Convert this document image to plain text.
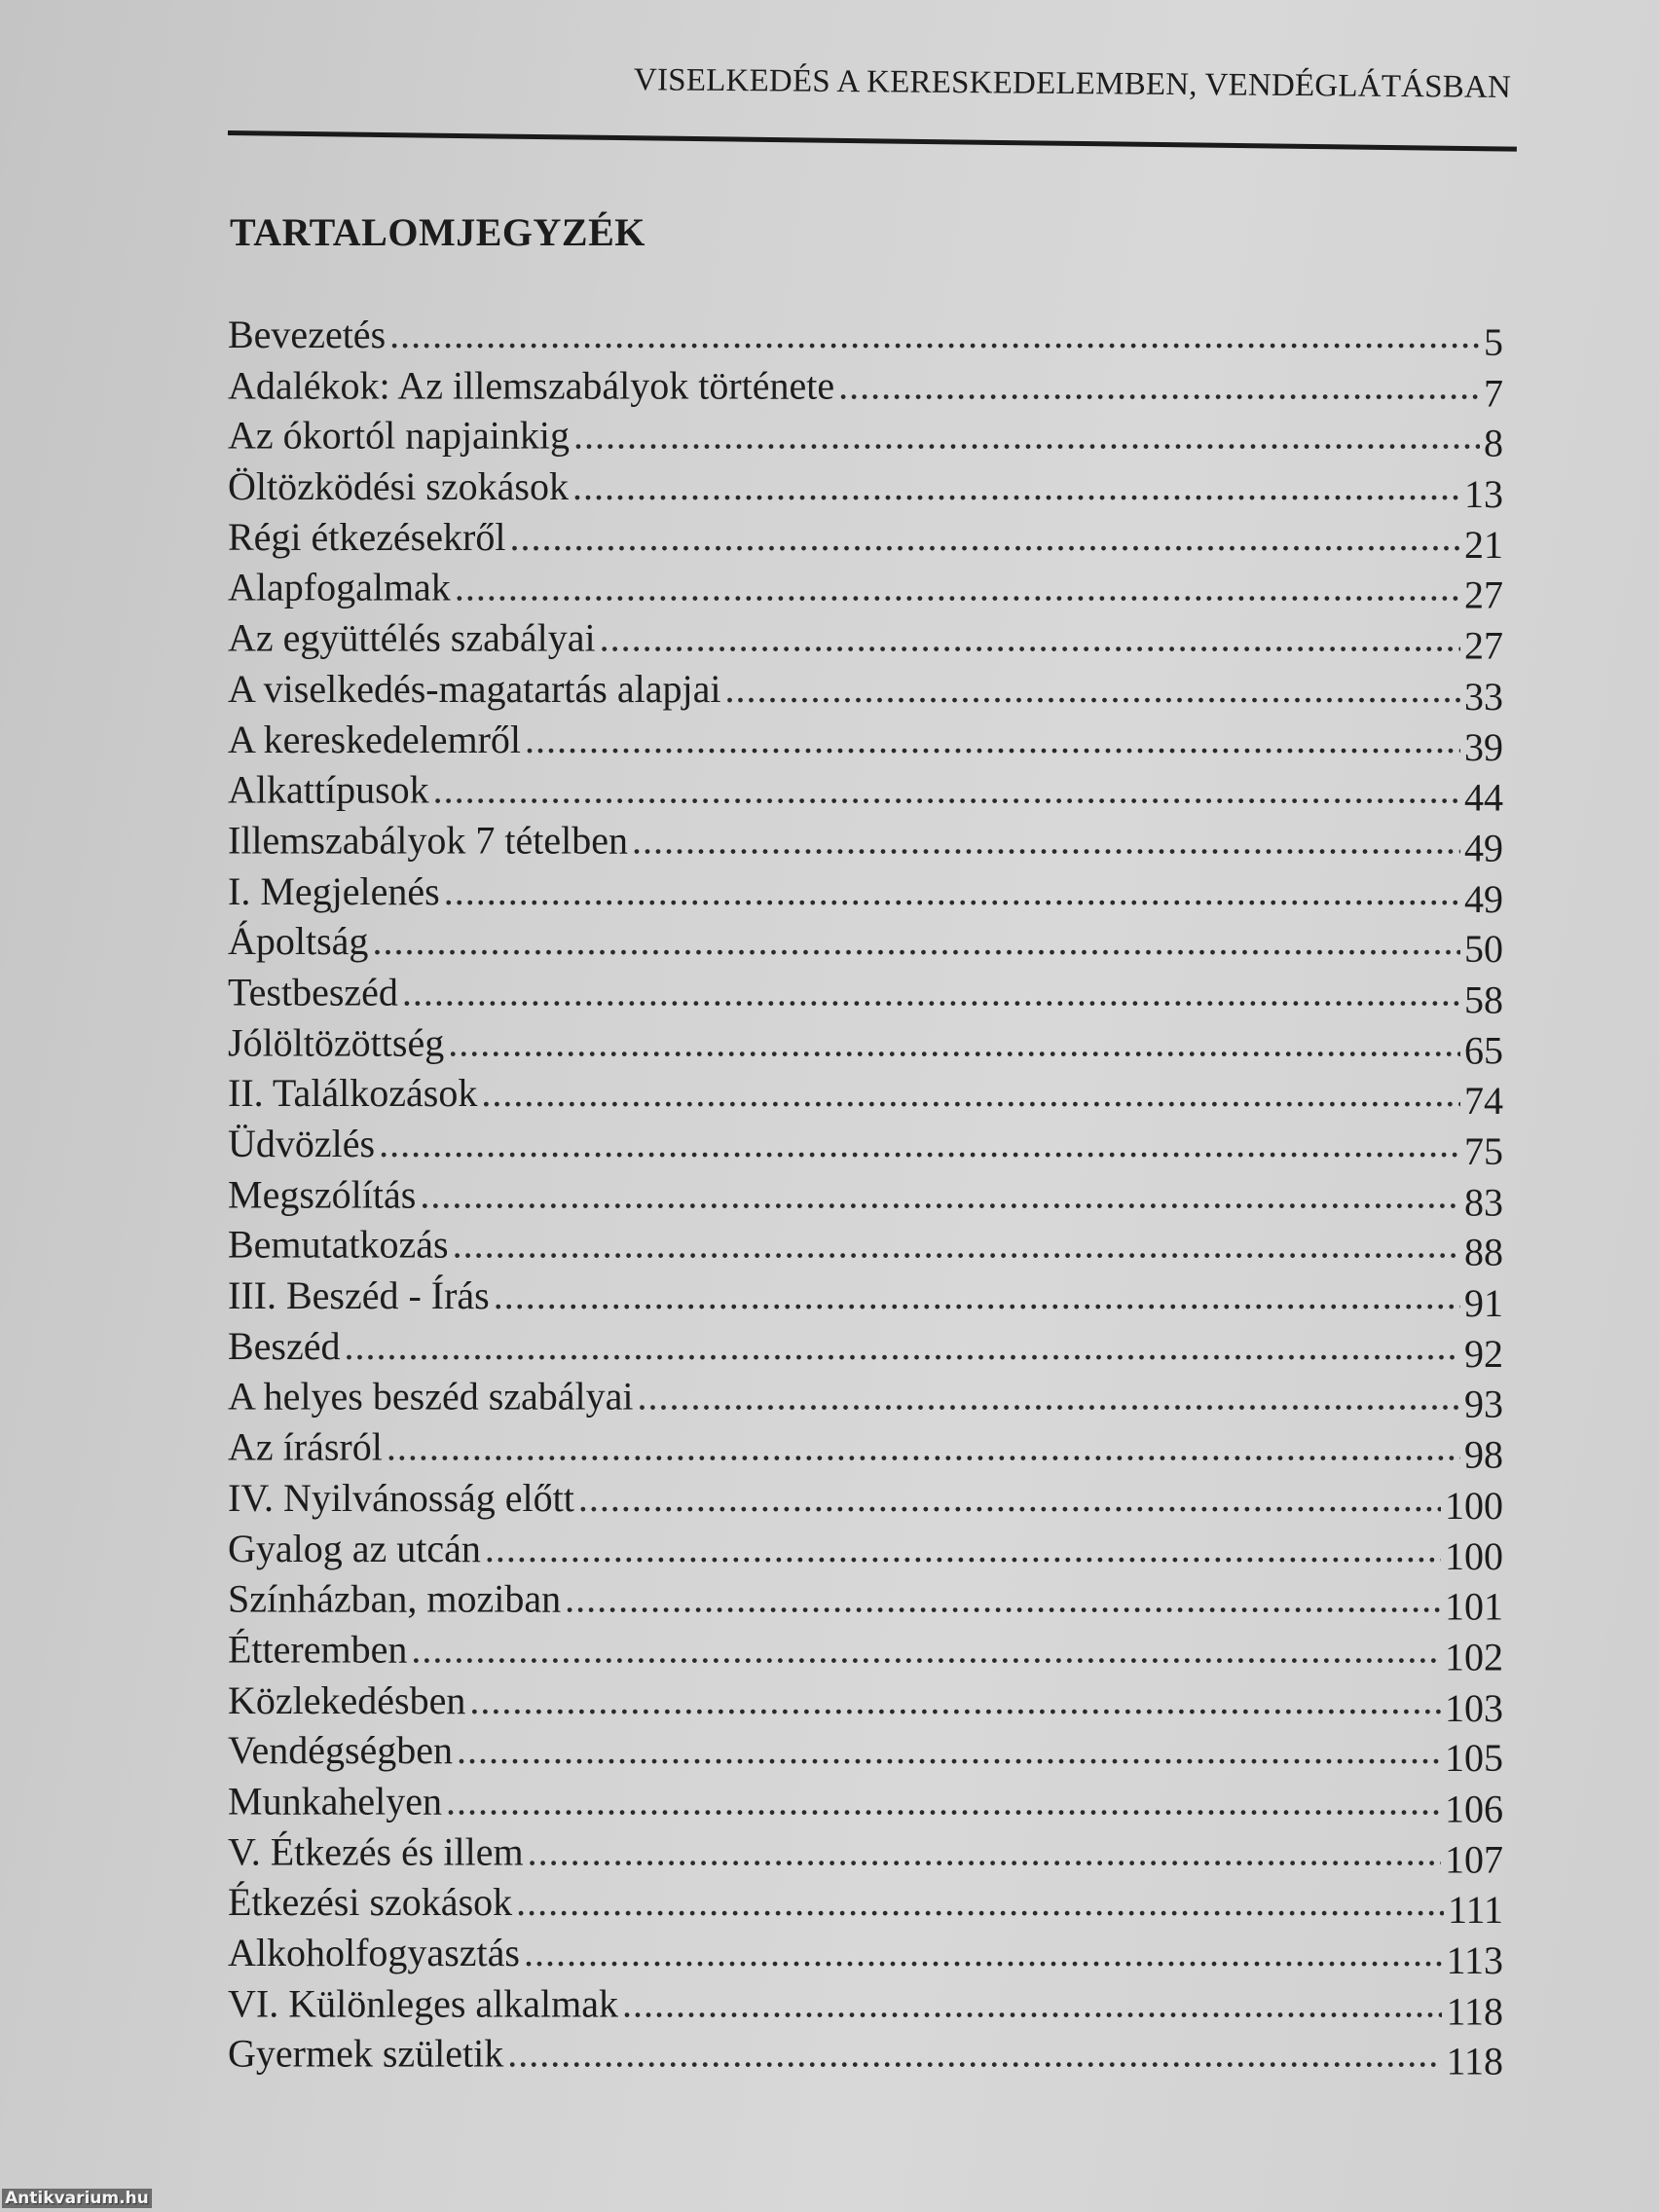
VISELKEDÉS A KERESKEDELEMBEN, VENDÉGLÁTÁSBAN
TARTALOMJEGYZÉK
Bevezetés .....	5
Adalékok: Az illemszabályok története .....	7
Az ókortól napjainkig .....	8
Öltözködési szokások .....	13
Régi étkezésekről .....	21
Alapfogalmak .....	27
Az együttélés szabályai .....	27
A viselkedés-magatartás alapjai .....	33
A kereskedelemről .....	39
Alkattípusok .....	44
Illemszabályok 7 tételben .....	49
I. Megjelenés .....	49
Ápoltság .....	50
Testbeszéd .....	58
Jólöltözöttség .....	65
II. Találkozások .....	74
Üdvözlés .....	75
Megszólítás .....	83
Bemutatkozás .....	88
III. Beszéd - Írás .....	91
Beszéd .....	92
A helyes beszéd szabályai .....	93
Az írásról .....	98
IV. Nyilvánosság előtt .....	100
Gyalog az utcán .....	100
Színházban, moziban .....	101
Étteremben .....	102
Közlekedésben .....	103
Vendégségben .....	105
Munkahelyen .....	106
V. Étkezés és illem .....	107
Étkezési szokások .....	111
Alkoholfogyasztás .....	113
VI. Különleges alkalmak .....	118
Gyermek születik .....	118
Antikvarium.hu
